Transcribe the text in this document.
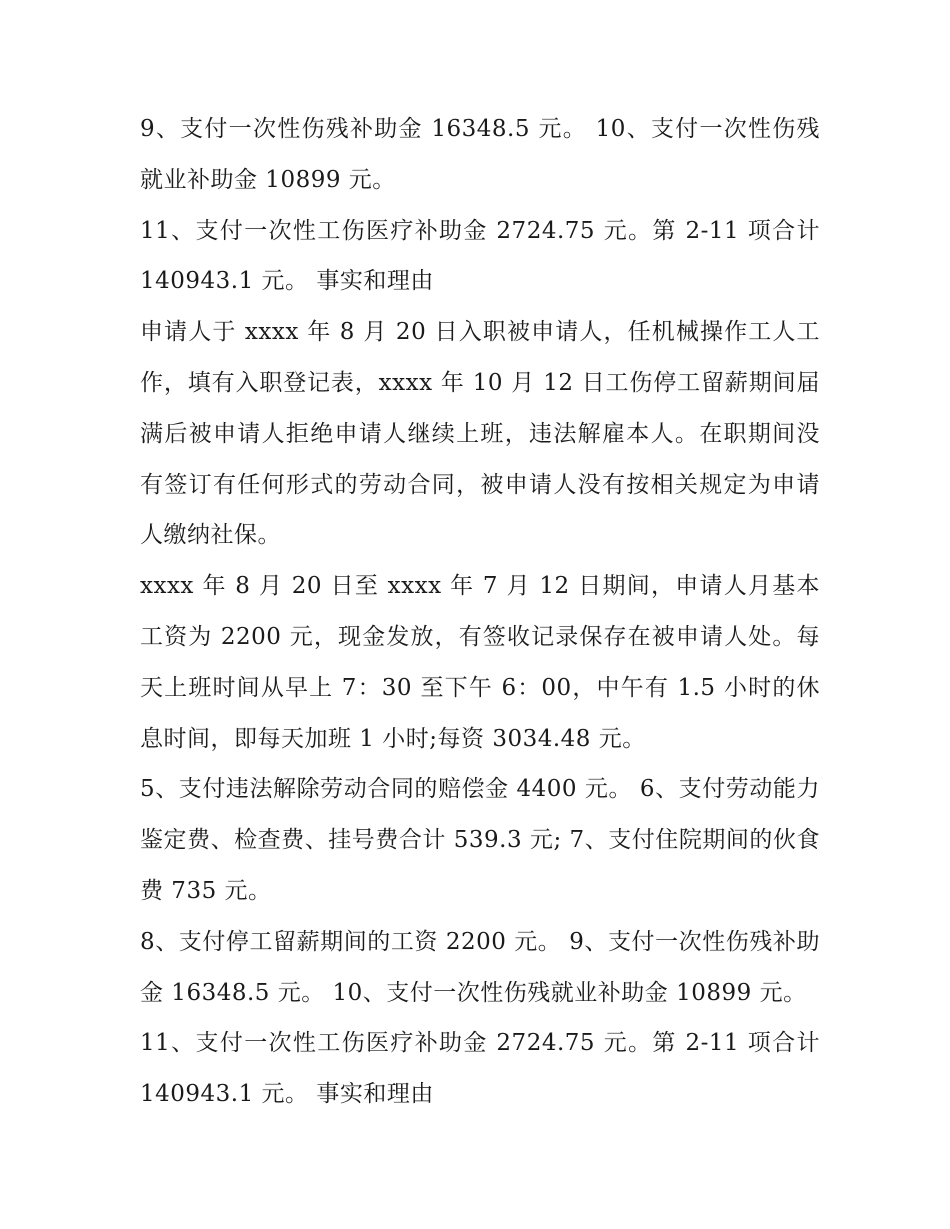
9、支付一次性伤残补助金 16348.5 元。 10、支付一次性伤残就业补助金 10899 元。

11、支付一次性工伤医疗补助金 2724.75 元。第 2-11 项合计 140943.1 元。 事实和理由

申请人于 xxxx 年 8 月 20 日入职被申请人，任机械操作工人工作，填有入职登记表，xxxx 年 10 月 12 日工伤停工留薪期间届满后被申请人拒绝申请人继续上班，违法解雇本人。在职期间没有签订有任何形式的劳动合同，被申请人没有按相关规定为申请人缴纳社保。

xxxx 年 8 月 20 日至 xxxx 年 7 月 12 日期间，申请人月基本工资为 2200 元，现金发放，有签收记录保存在被申请人处。每天上班时间从早上 7：30 至下午 6：00，中午有 1.5 小时的休息时间，即每天加班 1 小时;每资 3034.48 元。

5、支付违法解除劳动合同的赔偿金 4400 元。 6、支付劳动能力鉴定费、检查费、挂号费合计 539.3 元; 7、支付住院期间的伙食费 735 元。

8、支付停工留薪期间的工资 2200 元。 9、支付一次性伤残补助金 16348.5 元。 10、支付一次性伤残就业补助金 10899 元。

11、支付一次性工伤医疗补助金 2724.75 元。第 2-11 项合计 140943.1 元。 事实和理由
